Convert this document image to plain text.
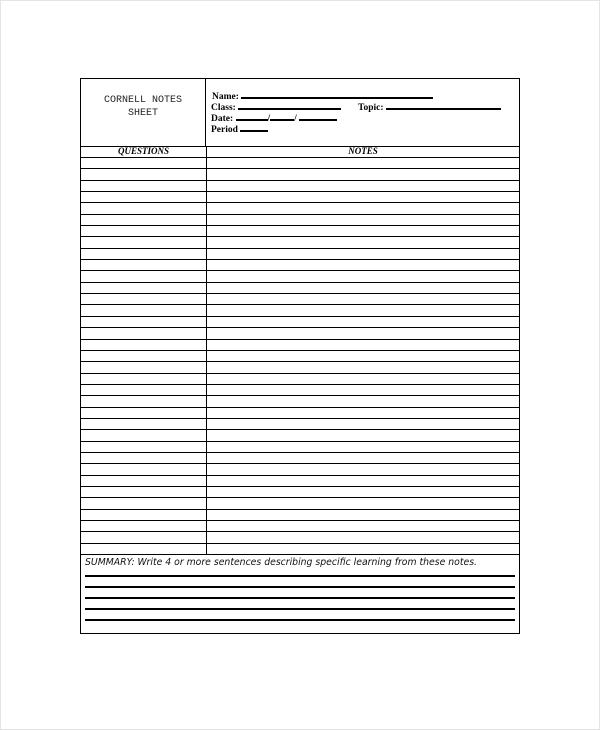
CORNELL NOTES
SHEET
Name:
Class:	Topic:
Date:	/	/
Period
QUESTIONS	NOTES
SUMMARY: Write 4 or more sentences describing specific learning from these notes.
